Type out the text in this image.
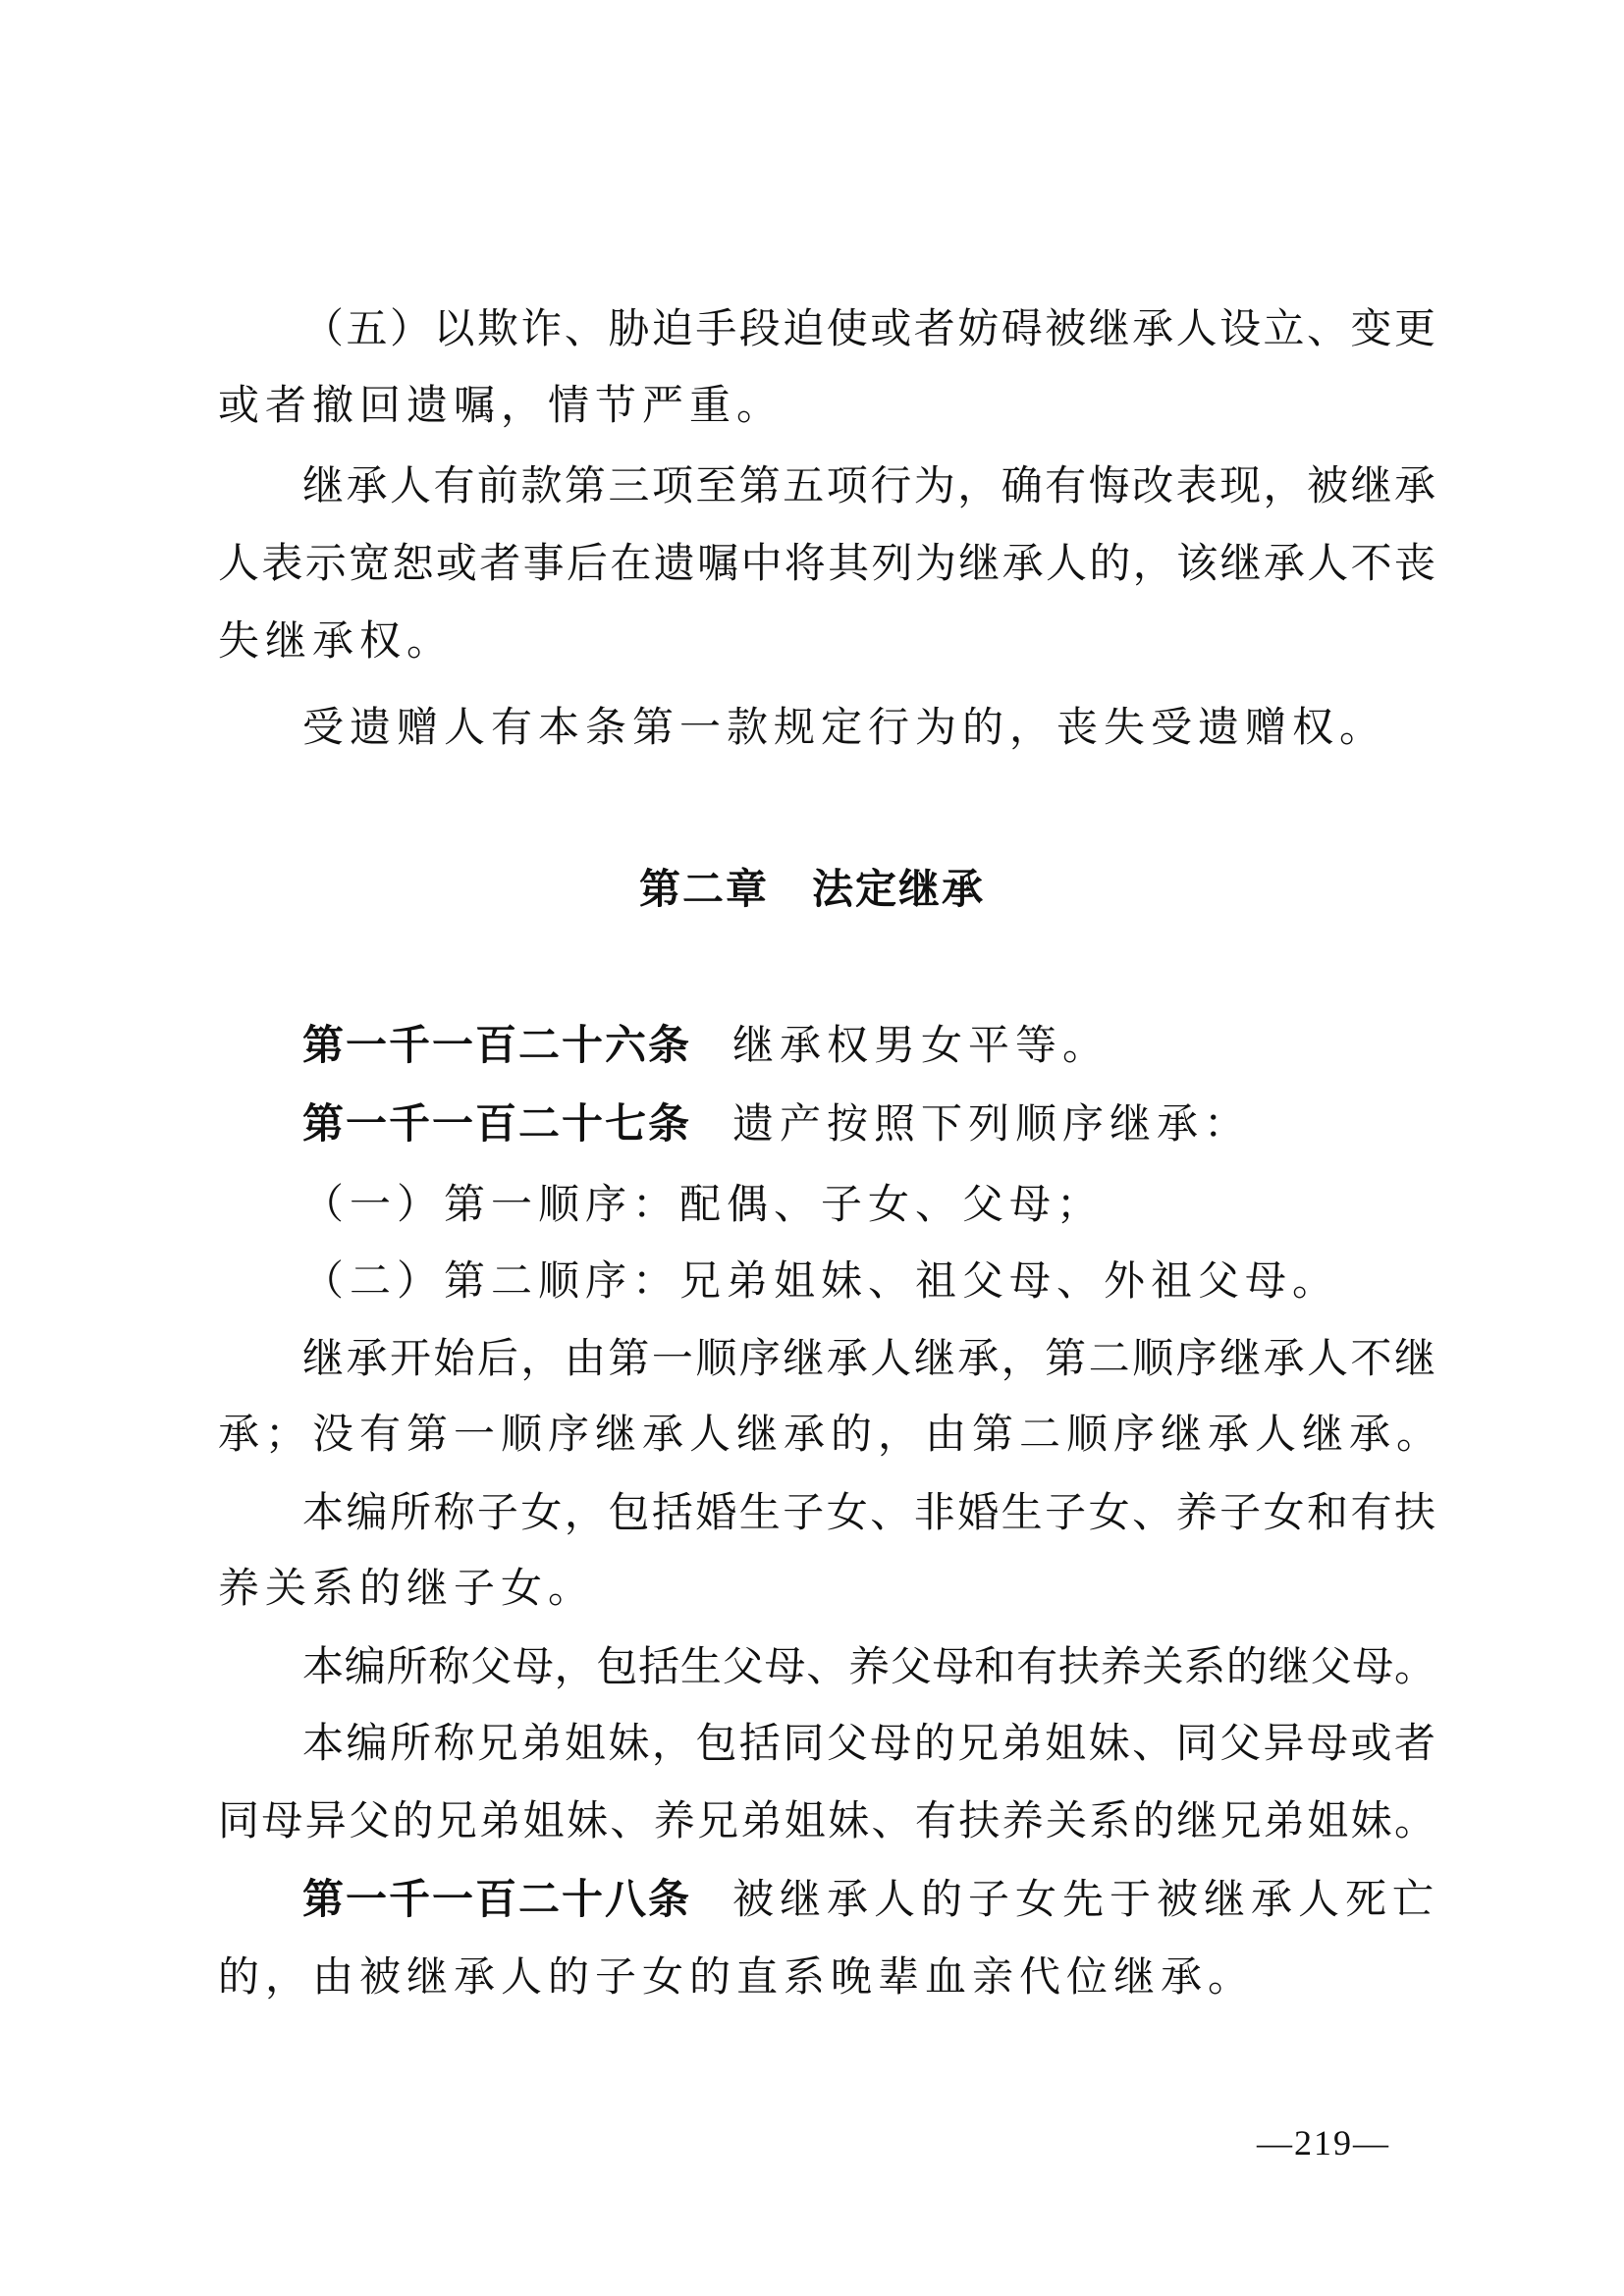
（五）以欺诈、胁迫手段迫使或者妨碍被继承人设立、变更
或者撤回遗嘱，情节严重。
继承人有前款第三项至第五项行为，确有悔改表现，被继承
人表示宽恕或者事后在遗嘱中将其列为继承人的，该继承人不丧
失继承权。
受遗赠人有本条第一款规定行为的，丧失受遗赠权。
第二章　法定继承
第一千一百二十六条 继承权男女平等。
第一千一百二十七条 遗产按照下列顺序继承：
（一）第一顺序：配偶、子女、父母；
（二）第二顺序：兄弟姐妹、祖父母、外祖父母。
继承开始后，由第一顺序继承人继承，第二顺序继承人不继
承；没有第一顺序继承人继承的，由第二顺序继承人继承。
本编所称子女，包括婚生子女、非婚生子女、养子女和有扶
养关系的继子女。
本编所称父母，包括生父母、养父母和有扶养关系的继父母。
本编所称兄弟姐妹，包括同父母的兄弟姐妹、同父异母或者
同母异父的兄弟姐妹、养兄弟姐妹、有扶养关系的继兄弟姐妹。
第一千一百二十八条 被继承人的子女先于被继承人死亡
的，由被继承人的子女的直系晚辈血亲代位继承。
—219—
